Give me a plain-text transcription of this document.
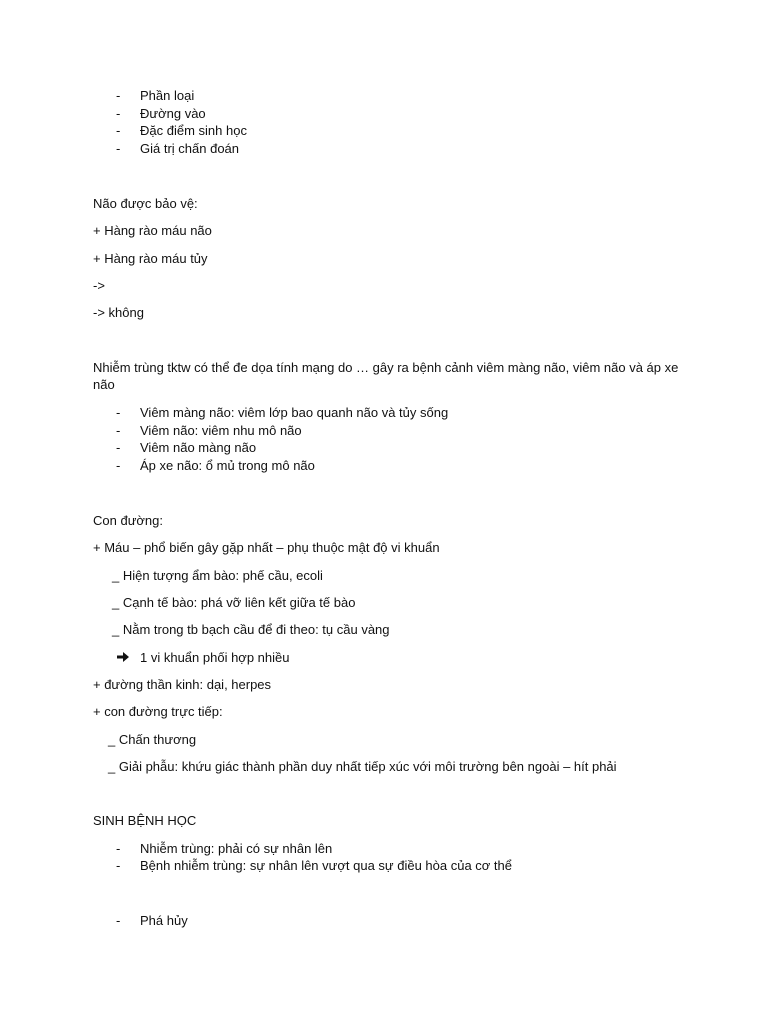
- Phần loại
- Đường vào
- Đặc điểm sinh học
- Giá trị chấn đoán
Não được bảo vệ:
+ Hàng rào máu não
+ Hàng rào máu tủy
->
-> không
Nhiễm trùng tktw có thể đe dọa tính mạng do … gây ra bệnh cảnh viêm màng não, viêm não và áp xe não
- Viêm màng não: viêm lớp bao quanh não và tủy sống
- Viêm não: viêm nhu mô não
- Viêm não màng não
- Áp xe não: ổ mủ trong mô não
Con đường:
+ Máu – phổ biến gây gặp nhất – phụ thuộc mật độ vi khuẩn
_ Hiện tượng ẩm bào: phế cầu, ecoli
_ Cạnh tế bào: phá vỡ liên kết giữa tế bào
_ Nằm trong tb bạch cầu để đi theo: tụ cầu vàng
1 vi khuẩn phối hợp nhiều
+ đường thần kinh: dại, herpes
+ con đường trực tiếp:
_ Chấn thương
_ Giải phẫu: khứu giác thành phần duy nhất tiếp xúc với môi trường bên ngoài – hít phải
SINH BỆNH HỌC
- Nhiễm trùng: phải có sự nhân lên
- Bệnh nhiễm trùng: sự nhân lên vượt qua sự điều hòa của cơ thể
- Phá hủy
